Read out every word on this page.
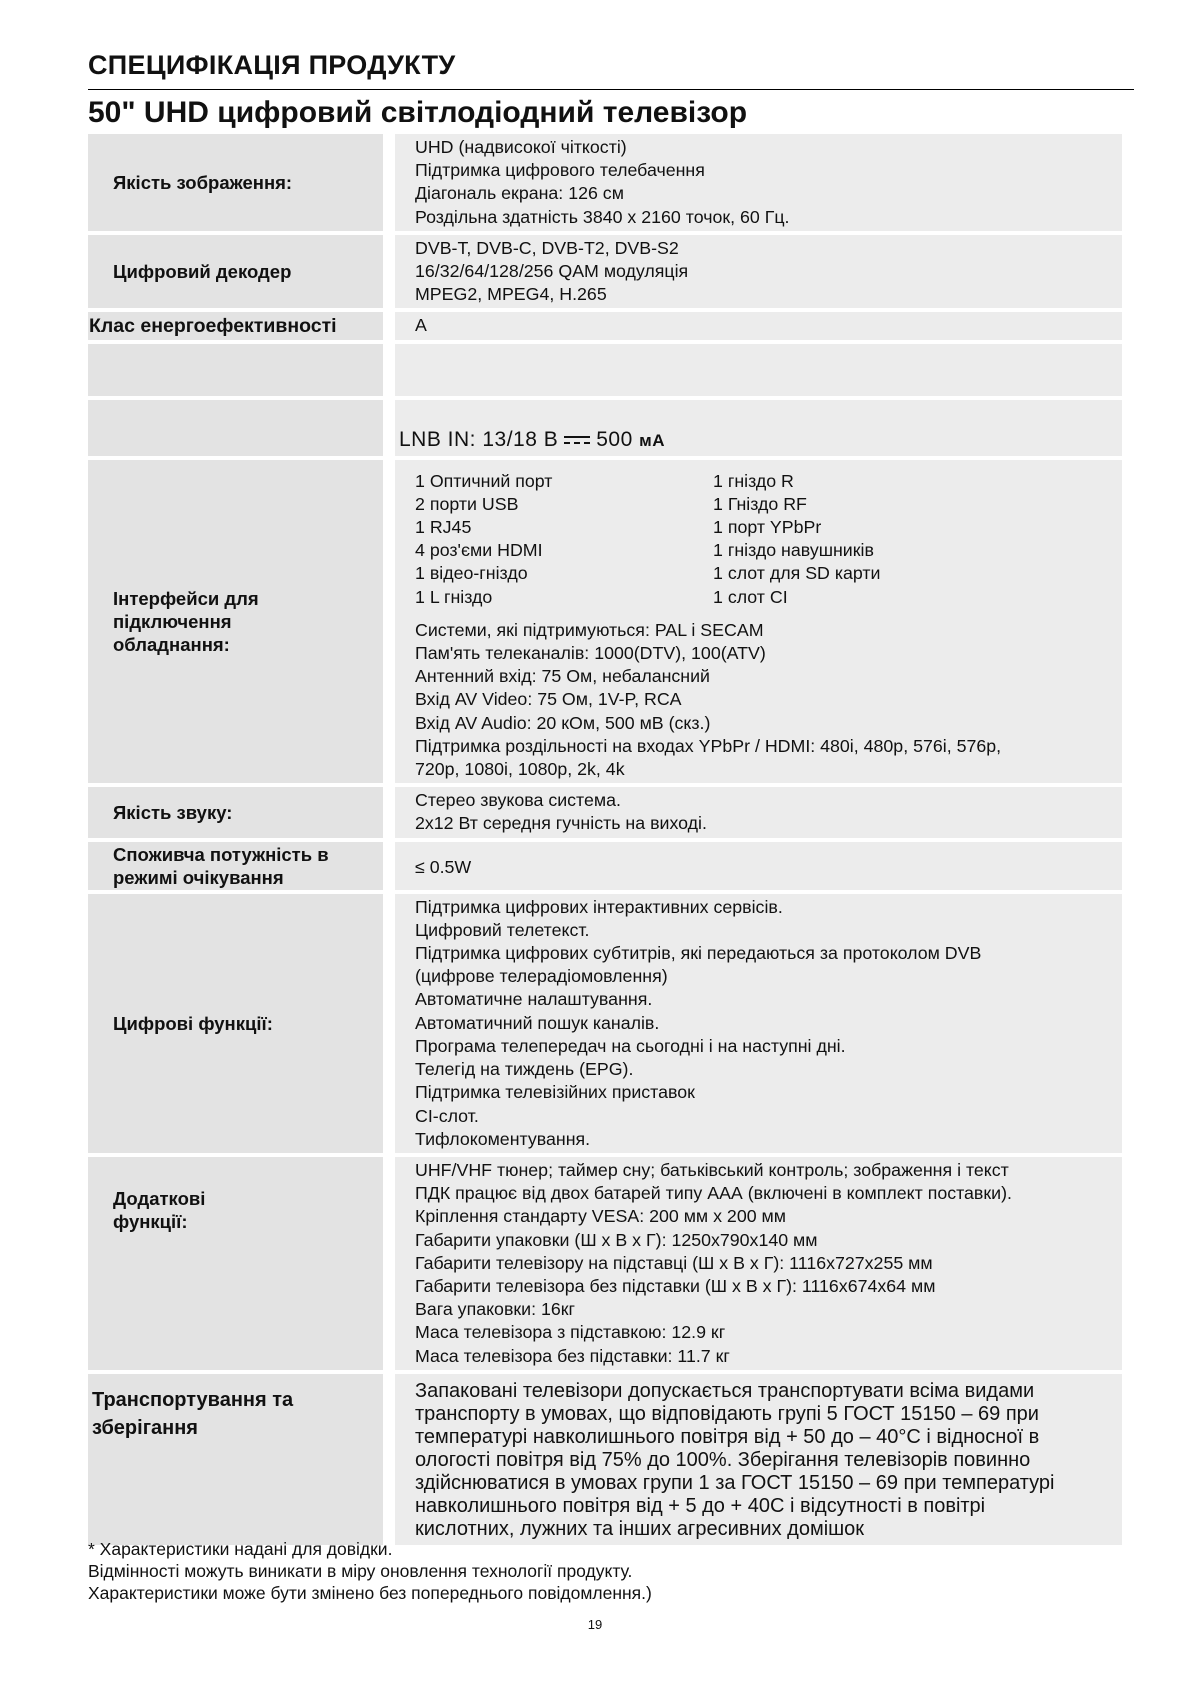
СПЕЦИФІКАЦІЯ ПРОДУКТУ
50" UHD цифровий світлодіодний телевізор
Якість зображення:
UHD (надвисокої чіткості)
Підтримка цифрового телебачення
Діагональ екрана: 126 см
Роздільна здатність 3840 х 2160 точок, 60 Гц.
Цифровий декодер
DVB-T, DVB-C, DVB-T2, DVB-S2
16/32/64/128/256 QAM модуляція
MPEG2, MPEG4, H.265
Клас енергоефективності	А
LNB IN: 13/18 B 500 мА
Інтерфейси для
підключення
обладнання:
1 Оптичний порт
2 порти USB
1 RJ45
4 роз'єми HDMI
1 відео-гніздо
1 L гніздо
1 гніздо R
1 Гніздо RF
1 порт YPbPr
1 гніздо навушників
1 слот для SD карти
1 слот CI
Системи, які підтримуються: PAL і SECAM
Пам'ять телеканалів: 1000(DTV), 100(ATV)
Антенний вхід: 75 Ом, небалансний
Вхід AV Video: 75 Ом, 1V-P, RCA
Вхід AV Audio: 20 кОм, 500 мВ (скз.)
Підтримка роздільності на входах YPbPr / HDMI: 480i, 480p, 576i, 576p,
720p, 1080i, 1080p, 2k, 4k
Якість звуку:
Стерео звукова система.
2x12 Вт середня гучність на виході.
Споживча потужність в
режимі очікування	≤ 0.5W
Цифрові функції:
Підтримка цифрових інтерактивних сервісів.
Цифровий телетекст.
Підтримка цифрових субтитрів, які передаються за протоколом DVB
(цифрове телерадіомовлення)
Автоматичне налаштування.
Автоматичний пошук каналів.
Програма телепередач на сьогодні і на наступні дні.
Телегід на тиждень (EPG).
Підтримка телевізійних приставок
CI-слот.
Тифлокоментування.
Додаткові
функції:
UHF/VHF тюнер; таймер сну; батьківський контроль; зображення і текст
ПДК працює від двох батарей типу ААА (включені в комплект поставки).
Кріплення стандарту VESA: 200 мм х 200 мм
Габарити упаковки (Ш х В х Г): 1250x790x140 мм
Габарити телевізору на підставці (Ш х В х Г): 1116x727x255 мм
Габарити телевізора без підставки (Ш х В х Г): 1116x674x64 мм
Вага упаковки: 16кг
Маса телевізора з підставкою: 12.9 кг
Маса телевізора без підставки: 11.7 кг
Транспортування та
зберігання
Запаковані телевізори допускається транспортувати всіма видами
транспорту в умовах, що відповідають групі 5 ГОСТ 15150 – 69 при
температурі навколишнього повітря від + 50 до – 40°С і відносної в
ологості повітря від 75% до 100%. Зберігання телевізорів повинно
здійснюватися в умовах групи 1 за ГОСТ 15150 – 69 при температурі
навколишнього повітря від + 5 до + 40С і відсутності в повітрі
кислотних, лужних та інших агресивних домішок
* Характеристики надані для довідки.
Відмінності можуть виникати в міру оновлення технології продукту.
Характеристики може бути змінено без попереднього повідомлення.)
19
